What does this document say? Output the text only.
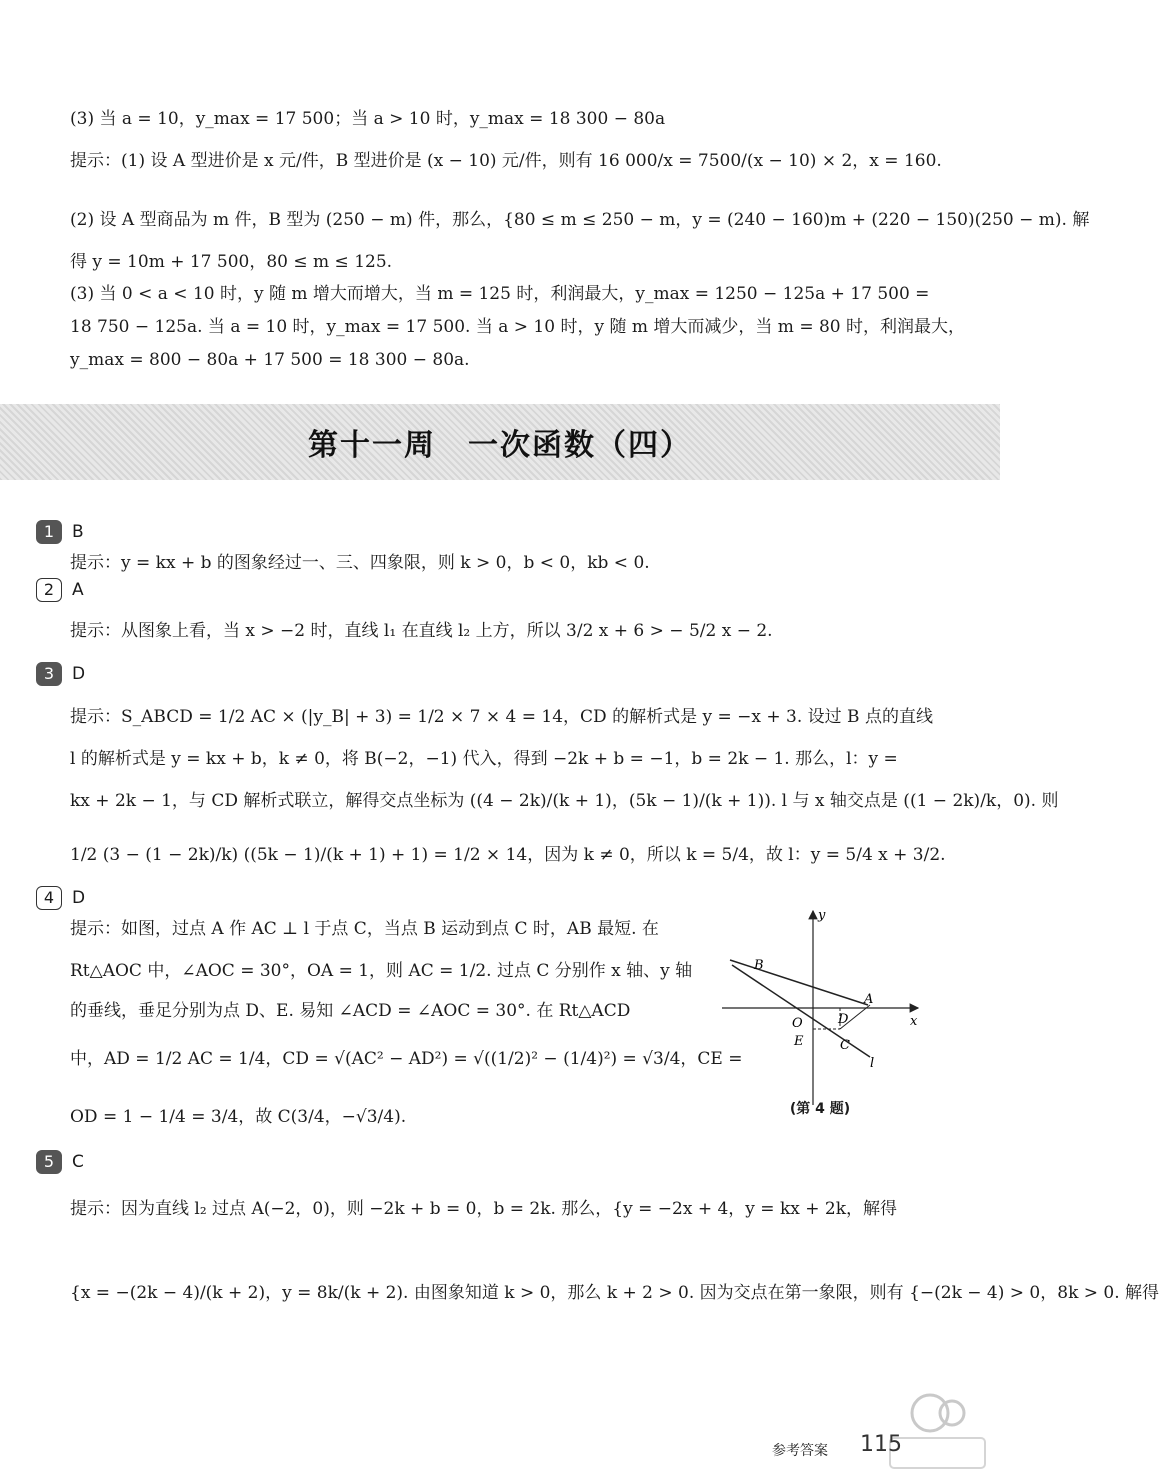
(3) 当 a = 10，y_max = 17 500；当 a > 10 时，y_max = 18 300 − 80a
提示：(1) 设 A 型进价是 x 元/件，B 型进价是 (x − 10) 元/件，则有 16 000/x = 7500/(x − 10) × 2，x = 160.
(2) 设 A 型商品为 m 件，B 型为 (250 − m) 件，那么，{80 ≤ m ≤ 250 − m，y = (240 − 160)m + (220 − 150)(250 − m). 解
得 y = 10m + 17 500，80 ≤ m ≤ 125.
(3) 当 0 < a < 10 时，y 随 m 增大而增大，当 m = 125 时，利润最大，y_max = 1250 − 125a + 17 500 =
18 750 − 125a. 当 a = 10 时，y_max = 17 500. 当 a > 10 时，y 随 m 增大而减少，当 m = 80 时，利润最大，
y_max = 800 − 80a + 17 500 = 18 300 − 80a.
第十一周　一次函数（四）
1	B
提示：y = kx + b 的图象经过一、三、四象限，则 k > 0，b < 0，kb < 0.
2	A
提示：从图象上看，当 x > −2 时，直线 l₁ 在直线 l₂ 上方，所以 3/2 x + 6 > − 5/2 x − 2.
3	D
提示：S_ABCD = 1/2 AC × (|y_B| + 3) = 1/2 × 7 × 4 = 14，CD 的解析式是 y = −x + 3. 设过 B 点的直线
l 的解析式是 y = kx + b，k ≠ 0，将 B(−2，−1) 代入，得到 −2k + b = −1，b = 2k − 1. 那么，l：y =
kx + 2k − 1，与 CD 解析式联立，解得交点坐标为 ((4 − 2k)/(k + 1)，(5k − 1)/(k + 1)). l 与 x 轴交点是 ((1 − 2k)/k，0). 则
1/2 (3 − (1 − 2k)/k) ((5k − 1)/(k + 1) + 1) = 1/2 × 14，因为 k ≠ 0，所以 k = 5/4，故 l：y = 5/4 x + 3/2.
4	D
提示：如图，过点 A 作 AC ⊥ l 于点 C，当点 B 运动到点 C 时，AB 最短. 在
Rt△AOC 中，∠AOC = 30°，OA = 1，则 AC = 1/2. 过点 C 分别作 x 轴、y 轴
的垂线，垂足分别为点 D、E. 易知 ∠ACD = ∠AOC = 30°. 在 Rt△ACD
中，AD = 1/2 AC = 1/4，CD = √(AC² − AD²) = √((1/2)² − (1/4)²) = √3/4，CE =
OD = 1 − 1/4 = 3/4，故 C(3/4，−√3/4).
y
x
B
A
O	D
E	C
l
(第 4 题)
5	C
提示：因为直线 l₂ 过点 A(−2，0)，则 −2k + b = 0，b = 2k. 那么，{y = −2x + 4，y = kx + 2k，解得
{x = −(2k − 4)/(k + 2)，y = 8k/(k + 2). 由图象知道 k > 0，那么 k + 2 > 0. 因为交点在第一象限，则有 {−(2k − 4) > 0，8k > 0. 解得
参考答案 115
